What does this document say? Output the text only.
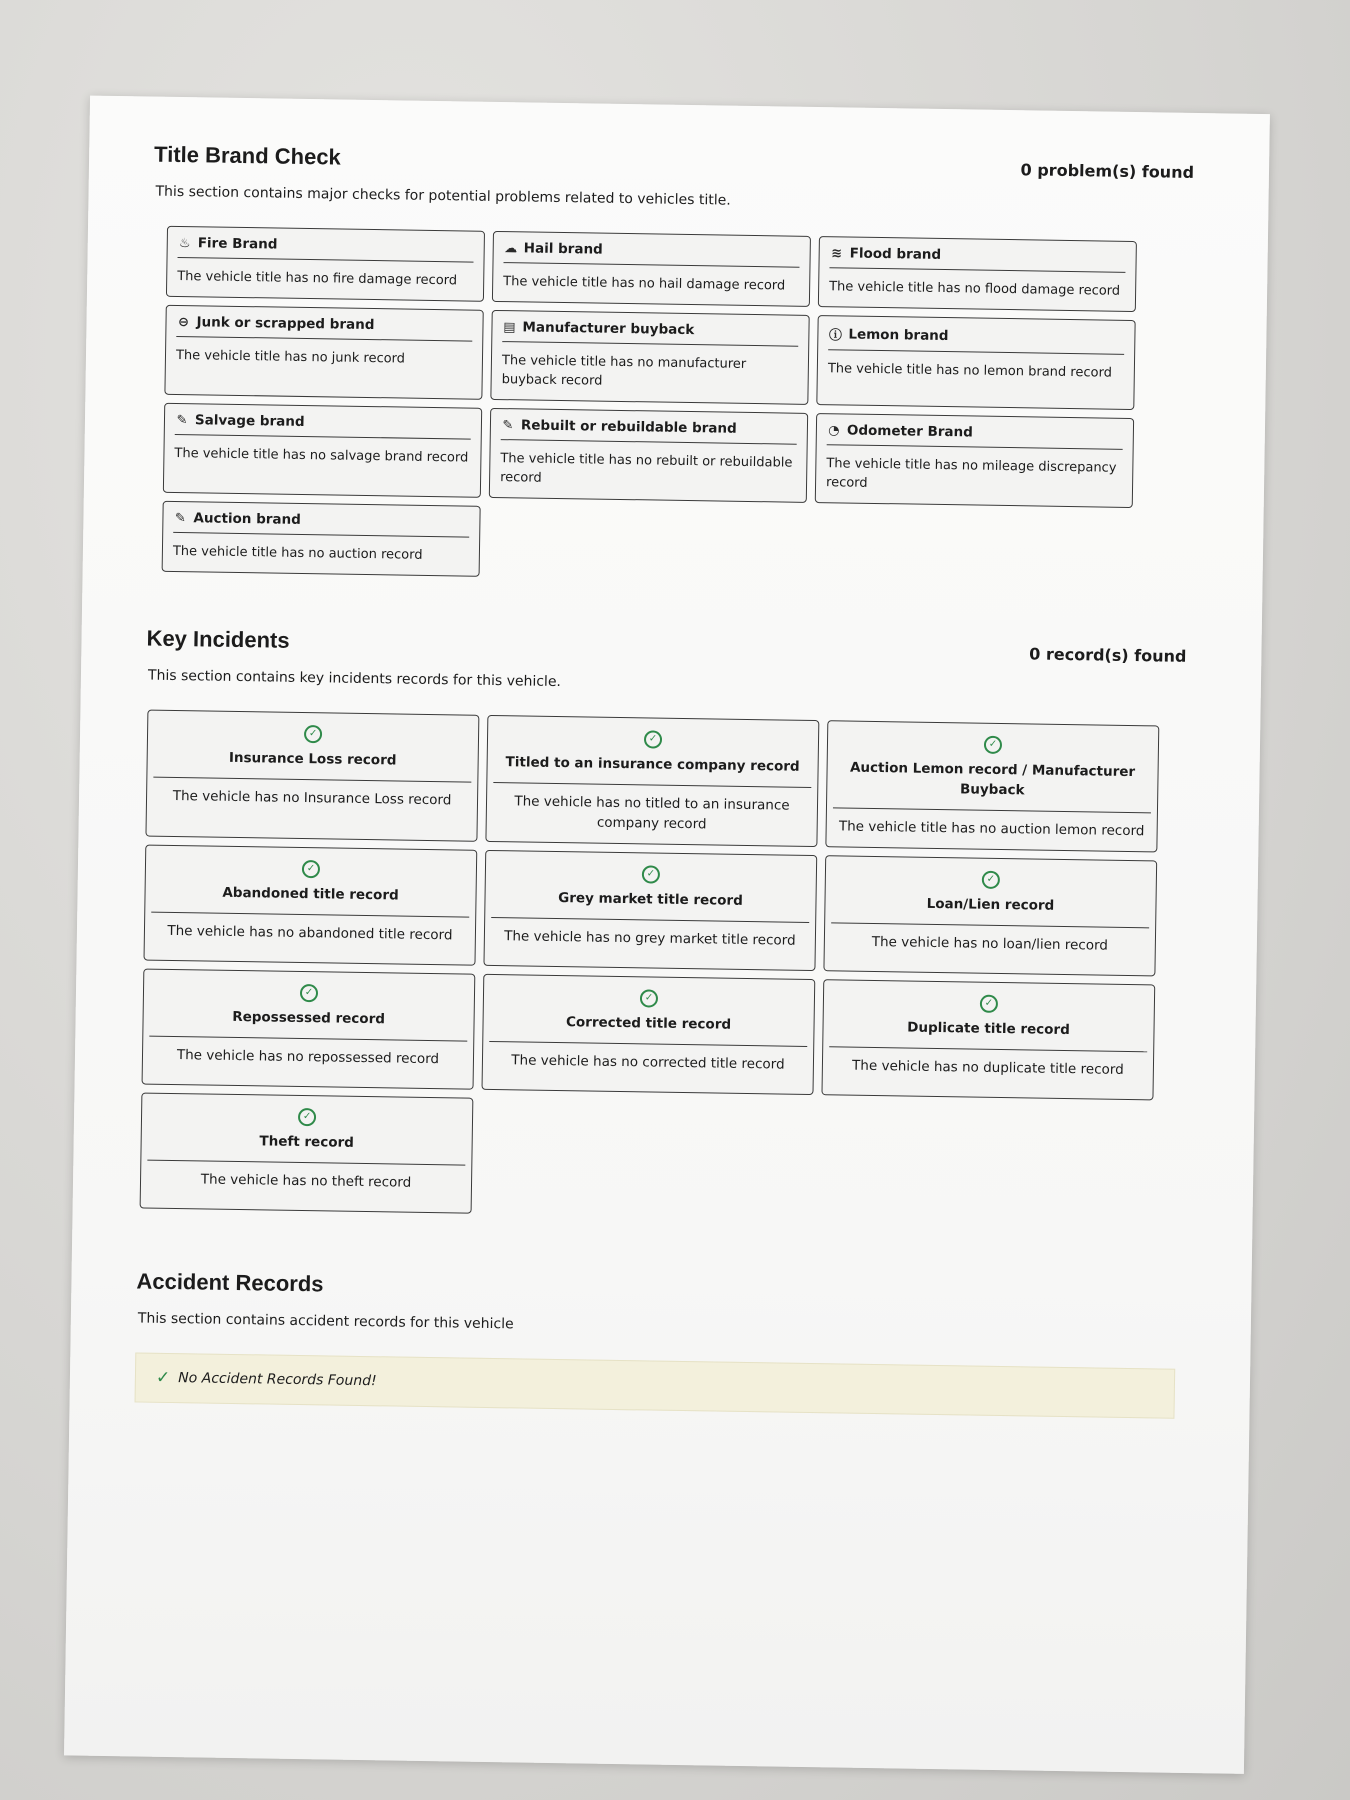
Title Brand Check
0 problem(s) found

This section contains major checks for potential problems related to vehicles title.

♨ Fire Brand
The vehicle title has no fire damage record
☁ Hail brand
The vehicle title has no hail damage record
≋ Flood brand
The vehicle title has no flood damage record
⊖ Junk or scrapped brand
The vehicle title has no junk record
▤ Manufacturer buyback
The vehicle title has no manufacturer buyback record
ⓘ Lemon brand
The vehicle title has no lemon brand record
✎ Salvage brand
The vehicle title has no salvage brand record
✎ Rebuilt or rebuildable brand
The vehicle title has no rebuilt or rebuildable record
◔ Odometer Brand
The vehicle title has no mileage discrepancy record
✎ Auction brand
The vehicle title has no auction record
Key Incidents
0 record(s) found

This section contains key incidents records for this vehicle.

✓
Insurance Loss record
The vehicle has no Insurance Loss record
✓
Titled to an insurance company record
The vehicle has no titled to an insurance company record
✓
Auction Lemon record / Manufacturer Buyback
The vehicle title has no auction lemon record
✓
Abandoned title record
The vehicle has no abandoned title record
✓
Grey market title record
The vehicle has no grey market title record
✓
Loan/Lien record
The vehicle has no loan/lien record
✓
Repossessed record
The vehicle has no repossessed record
✓
Corrected title record
The vehicle has no corrected title record
✓
Duplicate title record
The vehicle has no duplicate title record
✓
Theft record
The vehicle has no theft record
Accident Records

This section contains accident records for this vehicle

✓ No Accident Records Found!
